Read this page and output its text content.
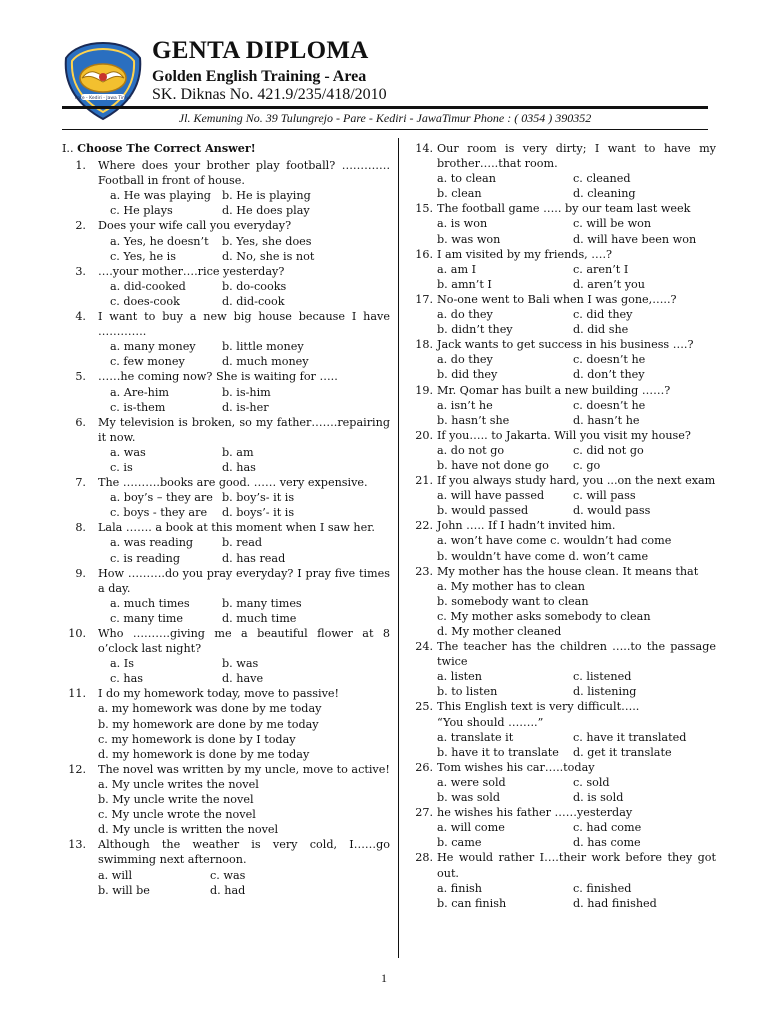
Pare - Kediri - Jawa Timur
GENTA DIPLOMA
Golden English Training - Area
SK. Diknas No. 421.9/235/418/2010
Jl. Kemuning No. 39 Tulungrejo - Pare - Kediri - JawaTimur Phone : ( 0354 ) 390352
I.. Choose The Correct Answer!
1.	Where does your brother play football? …………. Football in front of house.
a. He was playing b. He is playing
c. He plays	d. He does play
2.	Does your wife call you everyday?
a. Yes, he doesn’t	b. Yes, she does
c. Yes, he is	d. No, she is not
3.	….your mother….rice yesterday?
a. did-cooked	b. do-cooks
c. does-cook	d. did-cook
4.	I want to buy a new big house because I have ………….
a. many money	b. little money
c. few money	d. much money
5.	……he coming now? She is waiting for …..
a. Are-him	b. is-him
c. is-them	d. is-her
6.	My television is broken, so my father…….repairing it now.
a. was	b. am
c. is	d. has
7.	The ……….books are good. …… very expensive.
a. boy’s – they are b. boy’s- it is
c. boys - they are	d. boys’- it is
8.	Lala ……. a book at this moment when I saw her.
a. was reading	b. read
c. is reading	d. has read
9.	How ……….do you pray everyday? I pray five times a day.
a. much times	b. many times
c. many time	d. much time
10.	Who ……….giving me a beautiful flower at 8 o’clock last night?
a. Is	b. was
c. has	d. have
11.	I do my homework today, move to passive!
a. my homework was done by me today
b. my homework are done by me today
c. my homework is done by I today
d. my homework is done by me today
12.	The novel was written by my uncle, move to active!
a. My uncle writes the novel
b. My uncle write the novel
c. My uncle wrote the novel
d. My uncle is written the novel
13.	Although the weather is very cold, I……go swimming next afternoon.
a. will	c. was
b. will be	d. had
14. Our room is very dirty; I want to have my brother…..that room.
a. to clean	c. cleaned
b. clean	d. cleaning
15. The football game ….. by our team last week
a. is won	c. will be won
b. was won	d. will have been won
16. I am visited by my friends, ….?
a. am I	c. aren’t I
b. amn’t I	d. aren’t you
17. No-one went to Bali when I was gone,…..?
a. do they	c. did they
b. didn’t they	d. did she
18. Jack wants to get success in his business ….?
a. do they	c. doesn’t he
b. did they	d. don’t they
19. Mr. Qomar has built a new building ……?
a. isn’t he	c. doesn’t he
b. hasn’t she	d. hasn’t he
20. If you….. to Jakarta. Will you visit my house?
a. do not go	c. did not go
b. have not done go	c. go
21. If you always study hard, you ...on the next exam
a. will have passed	c. will pass
b. would passed	d. would pass
22. John ….. If I hadn’t invited him.
a. won’t have come c. wouldn’t had come
b. wouldn’t have come d. won’t came
23. My mother has the house clean. It means that
a. My mother has to clean
b. somebody want to clean
c. My mother asks somebody to clean
d. My mother cleaned
24. The teacher has the children …..to the passage twice
a. listen	c. listened
b. to listen	d. listening
25. This English text is very difficult…..
“You should ……..”
a. translate it	c. have it translated
b. have it to translate	d. get it translate
26. Tom wishes his car…..today
a. were sold	c. sold
b. was sold	d. is sold
27. he wishes his father ……yesterday
a. will come	c. had come
b. came	d. has come
28. He would rather I….their work before they got out.
a. finish	c. finished
b. can finish	d. had finished
1
